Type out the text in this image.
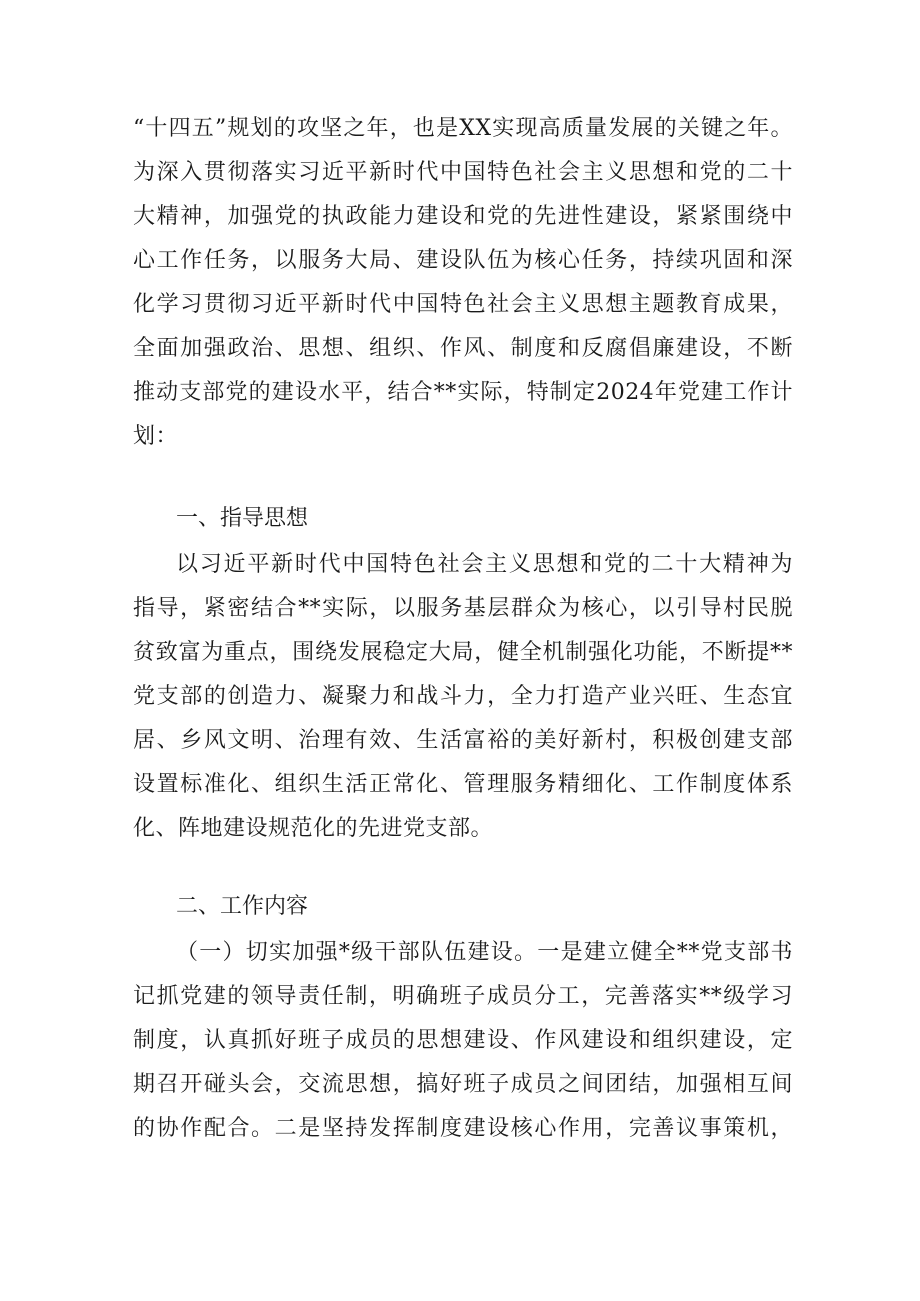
“十四五”规划的攻坚之年，也是XX实现高质量发展的关键之年。
为深入贯彻落实习近平新时代中国特色社会主义思想和党的二十
大精神，加强党的执政能力建设和党的先进性建设，紧紧围绕中
心工作任务，以服务大局、建设队伍为核心任务，持续巩固和深
化学习贯彻习近平新时代中国特色社会主义思想主题教育成果，
全面加强政治、思想、组织、作风、制度和反腐倡廉建设，不断
推动支部党的建设水平，结合**实际，特制定2024年党建工作计
划：
一、指导思想
以习近平新时代中国特色社会主义思想和党的二十大精神为
指导，紧密结合**实际，以服务基层群众为核心，以引导村民脱
贫致富为重点，围绕发展稳定大局，健全机制强化功能，不断提**
党支部的创造力、凝聚力和战斗力，全力打造产业兴旺、生态宜
居、乡风文明、治理有效、生活富裕的美好新村，积极创建支部
设置标准化、组织生活正常化、管理服务精细化、工作制度体系
化、阵地建设规范化的先进党支部。
二、工作内容
（一）切实加强*级干部队伍建设。一是建立健全**党支部书
记抓党建的领导责任制，明确班子成员分工，完善落实**级学习
制度，认真抓好班子成员的思想建设、作风建设和组织建设，定
期召开碰头会，交流思想，搞好班子成员之间团结，加强相互间
的协作配合。二是坚持发挥制度建设核心作用，完善议事策机，
